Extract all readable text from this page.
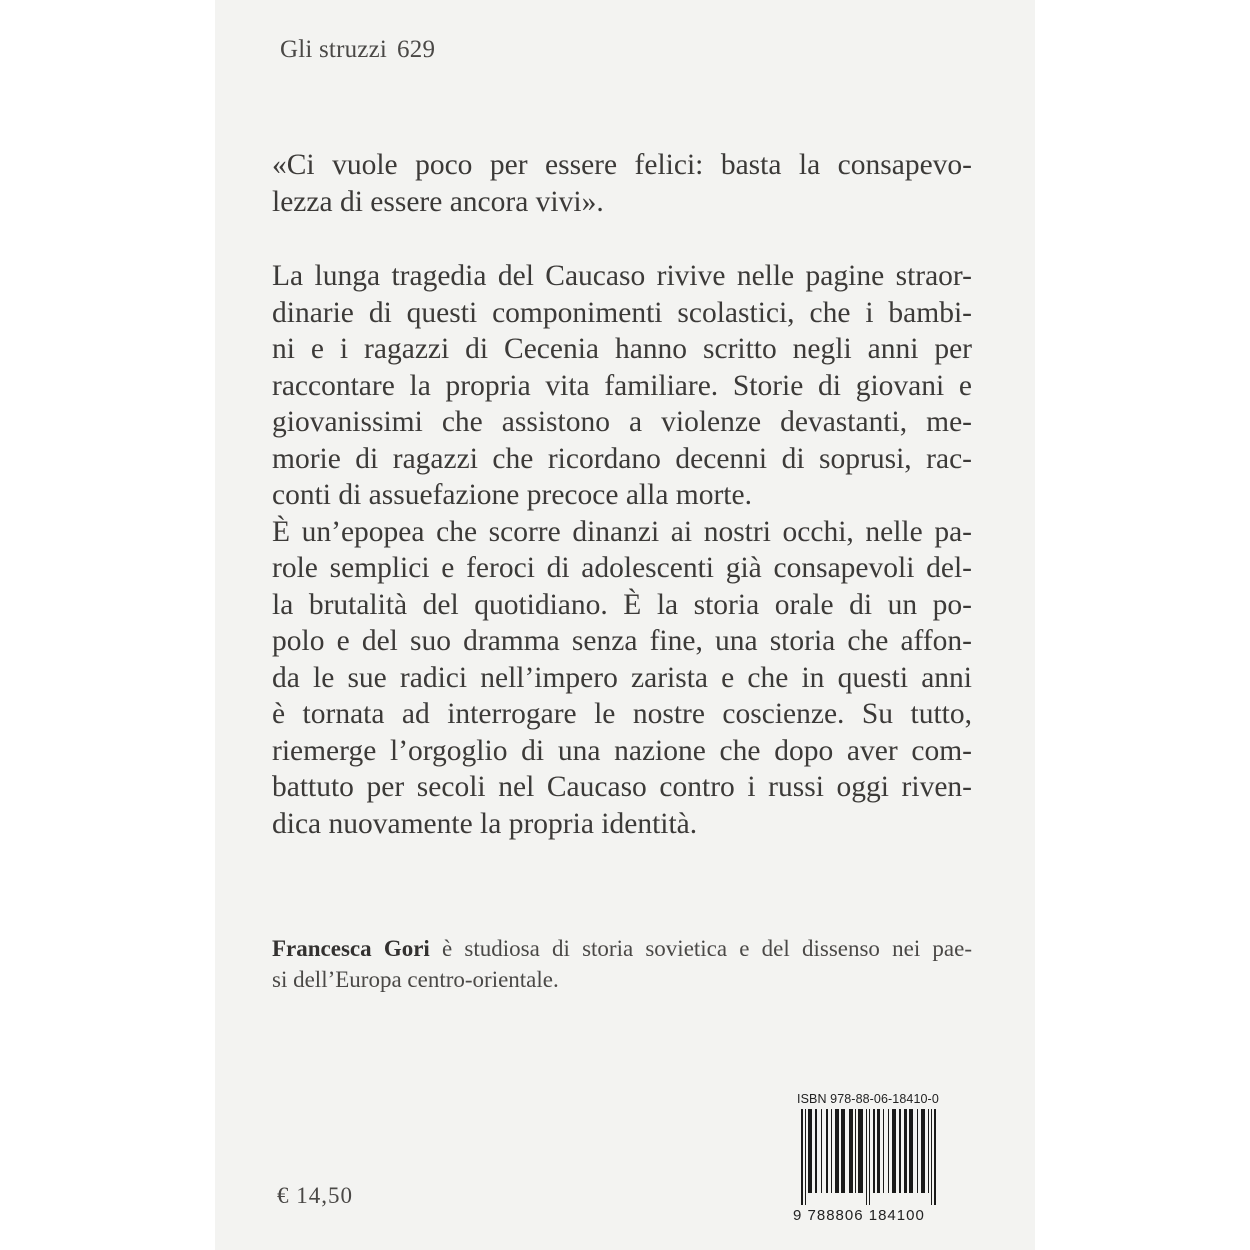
Gli struzzi 629
«Ci vuole poco per essere felici: basta la consapevo-
lezza di essere ancora vivi».
La lunga tragedia del Caucaso rivive nelle pagine straor-
dinarie di questi componimenti scolastici, che i bambi-
ni e i ragazzi di Cecenia hanno scritto negli anni per
raccontare la propria vita familiare. Storie di giovani e
giovanissimi che assistono a violenze devastanti, me-
morie di ragazzi che ricordano decenni di soprusi, rac-
conti di assuefazione precoce alla morte.
È un’epopea che scorre dinanzi ai nostri occhi, nelle pa-
role semplici e feroci di adolescenti già consapevoli del-
la brutalità del quotidiano. È la storia orale di un po-
polo e del suo dramma senza fine, una storia che affon-
da le sue radici nell’impero zarista e che in questi anni
è tornata ad interrogare le nostre coscienze. Su tutto,
riemerge l’orgoglio di una nazione che dopo aver com-
battuto per secoli nel Caucaso contro i russi oggi riven-
dica nuovamente la propria identità.
Francesca Gori è studiosa di storia sovietica e del dissenso nei pae-
si dell’Europa centro-orientale.
ISBN 978-88-06-18410-0
9 788806 184100
€ 14,50
